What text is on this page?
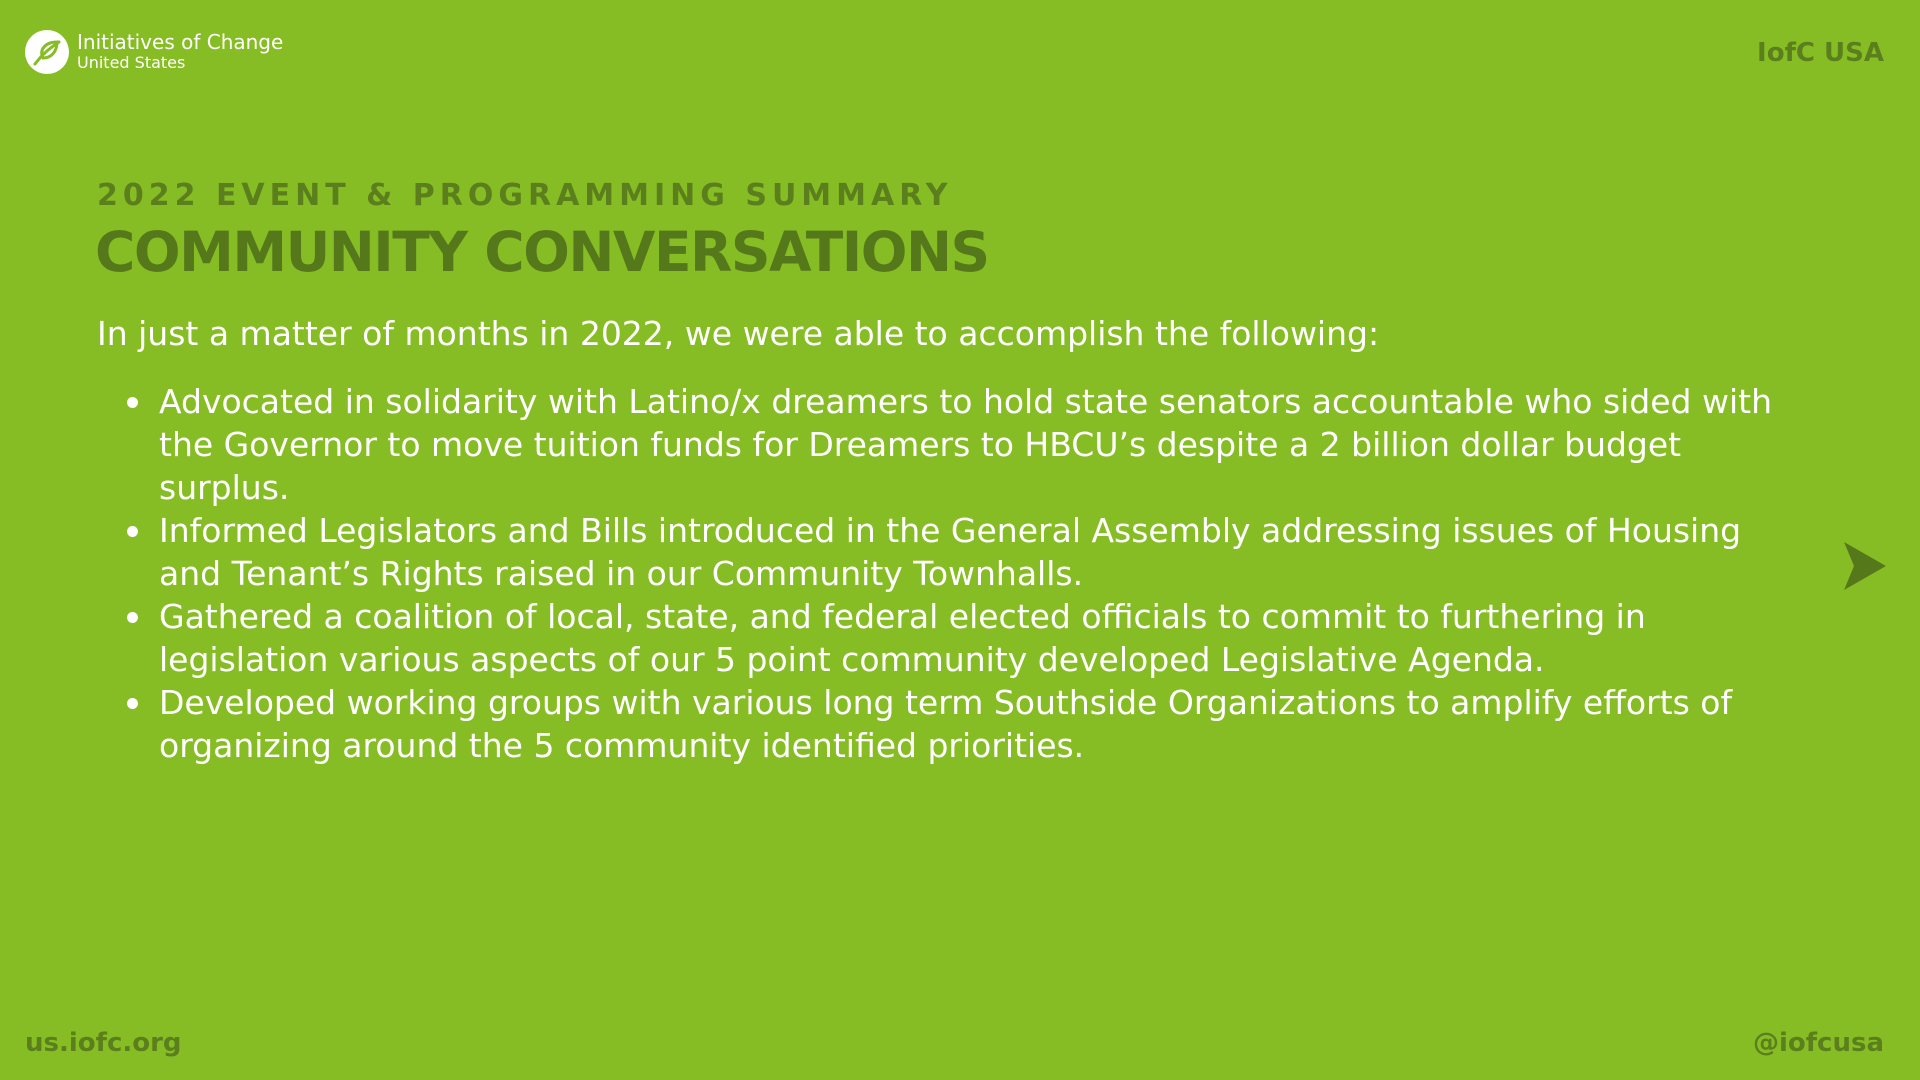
Initiatives of Change
United States	IofC USA
2022 EVENT & PROGRAMMING SUMMARY
COMMUNITY CONVERSATIONS
In just a matter of months in 2022, we were able to accomplish the following:
Advocated in solidarity with Latino/x dreamers to hold state senators accountable who sided with the Governor to move tuition funds for Dreamers to HBCU’s despite a 2 billion dollar budget surplus.
Informed Legislators and Bills introduced in the General Assembly addressing issues of Housing and Tenant’s Rights raised in our Community Townhalls.
Gathered a coalition of local, state, and federal elected officials to commit to furthering in legislation various aspects of our 5 point community developed Legislative Agenda.
Developed working groups with various long term Southside Organizations to amplify efforts of organizing around the 5 community identified priorities.
us.iofc.org	@iofcusa
